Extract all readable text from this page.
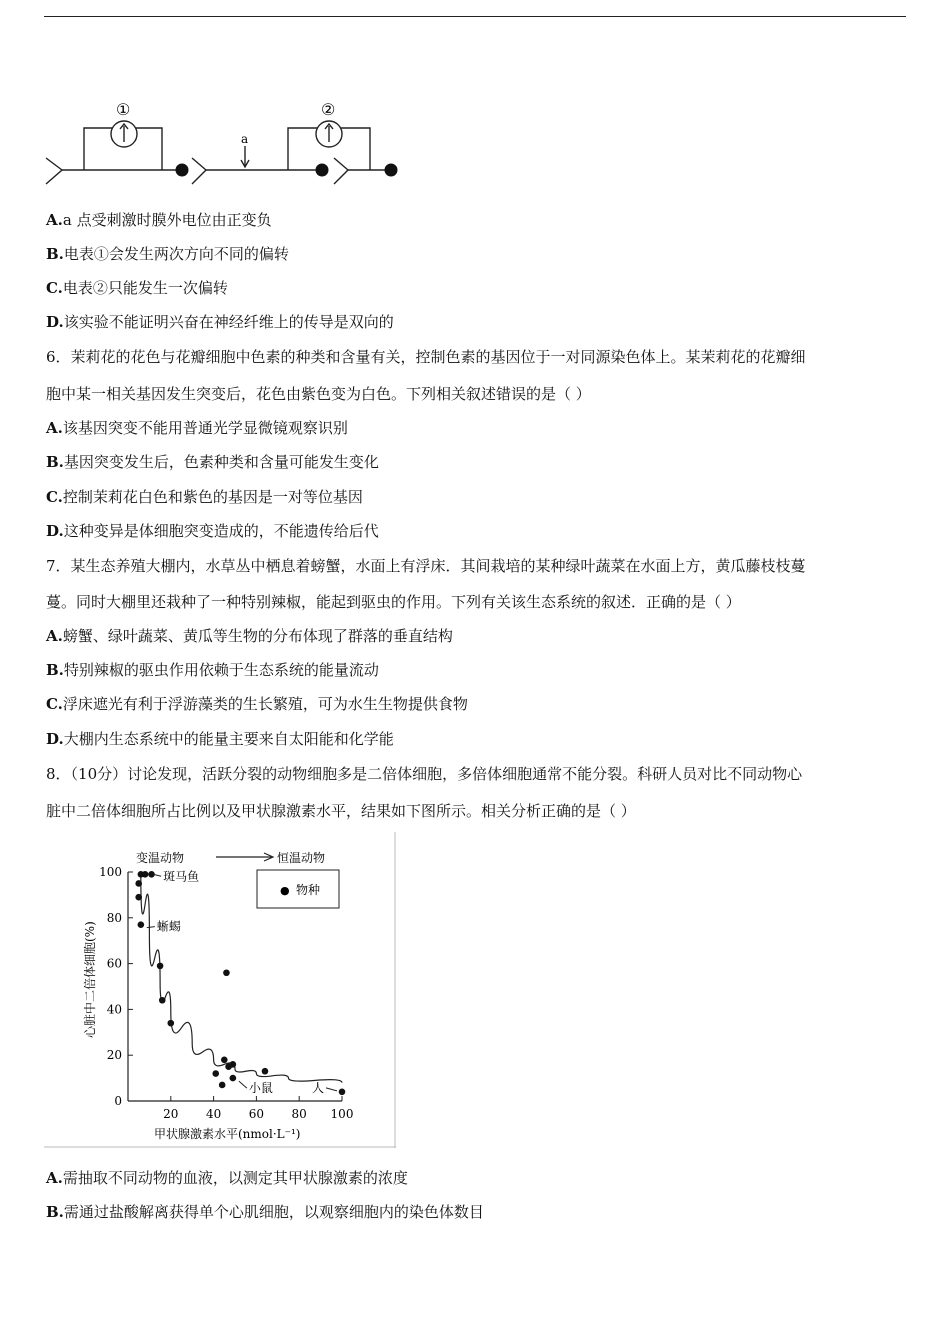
①	②
a
A.a 点受刺激时膜外电位由正变负
B.电表①会发生两次方向不同的偏转
C.电表②只能发生一次偏转
D.该实验不能证明兴奋在神经纤维上的传导是双向的
6．茉莉花的花色与花瓣细胞中色素的种类和含量有关，控制色素的基因位于一对同源染色体上。某茉莉花的花瓣细
胞中某一相关基因发生突变后，花色由紫色变为白色。下列相关叙述错误的是（ ）
A.该基因突变不能用普通光学显微镜观察识别
B.基因突变发生后，色素种类和含量可能发生变化
C.控制茉莉花白色和紫色的基因是一对等位基因
D.这种变异是体细胞突变造成的，不能遗传给后代
7．某生态养殖大棚内，水草丛中栖息着螃蟹，水面上有浮床．其间栽培的某种绿叶蔬菜在水面上方，黄瓜藤枝枝蔓
蔓。同时大棚里还栽种了一种特别辣椒，能起到驱虫的作用。下列有关该生态系统的叙述．正确的是（ ）
A.螃蟹、绿叶蔬菜、黄瓜等生物的分布体现了群落的垂直结构
B.特别辣椒的驱虫作用依赖于生态系统的能量流动
C.浮床遮光有利于浮游藻类的生长繁殖，可为水生生物提供食物
D.大棚内生态系统中的能量主要来自太阳能和化学能
8．（10分）讨论发现，活跃分裂的动物细胞多是二倍体细胞，多倍体细胞通常不能分裂。科研人员对比不同动物心
脏中二倍体细胞所占比例以及甲状腺激素水平，结果如下图所示。相关分析正确的是（ ）
变温动物
→
恒温动物
0
20
40
60
80
100
20 40 60 80 100
斑马鱼
蜥蜴
小鼠	人
● 物种
甲状腺激素水平(nmol·L⁻¹)
心脏中二倍体细胞(%)
A.需抽取不同动物的血液，以测定其甲状腺激素的浓度
B.需通过盐酸解离获得单个心肌细胞，以观察细胞内的染色体数目
